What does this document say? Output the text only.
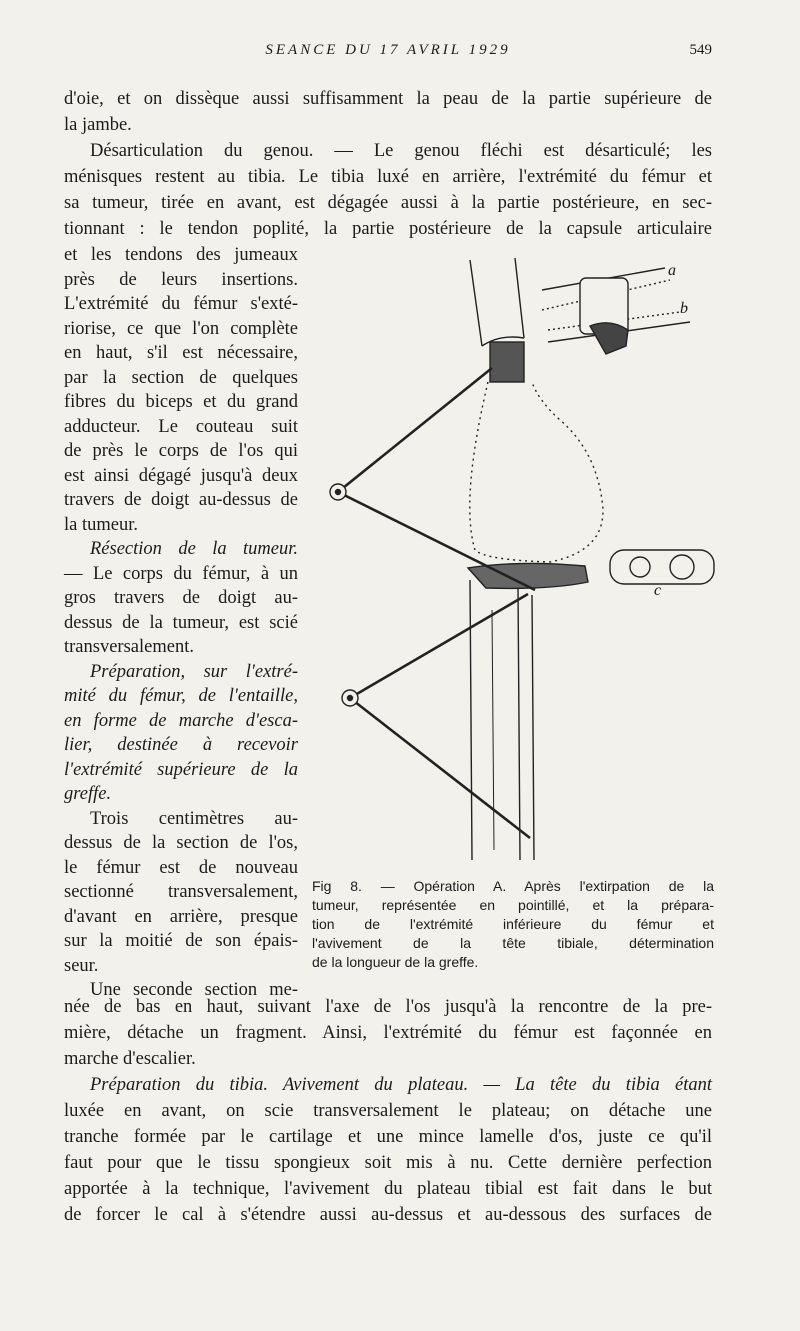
SEANCE DU 17 AVRIL 1929	549
d'oie, et on dissèque aussi suffisamment la peau de la partie supérieure de
la jambe.
Désarticulation du genou. — Le genou fléchi est désarticulé; les
ménisques restent au tibia. Le tibia luxé en arrière, l'extrémité du fémur et
sa tumeur, tirée en avant, est dégagée aussi à la partie postérieure, en sec-
tionnant : le tendon poplité, la partie postérieure de la capsule articulaire
et les tendons des jumeaux
près de leurs insertions.
L'extrémité du fémur s'exté-
riorise, ce que l'on complète
en haut, s'il est nécessaire,
par la section de quelques
fibres du biceps et du grand
adducteur. Le couteau suit
de près le corps de l'os qui
est ainsi dégagé jusqu'à deux
travers de doigt au-dessus de
la tumeur.
Résection de la tumeur.
— Le corps du fémur, à un
gros travers de doigt au-
dessus de la tumeur, est scié
transversalement.
Préparation, sur l'extré-
mité du fémur, de l'entaille,
en forme de marche d'esca-
lier, destinée à recevoir
l'extrémité supérieure de la
greffe.
Trois centimètres au-
dessus de la section de l'os,
le fémur est de nouveau
sectionné transversalement,
d'avant en arrière, presque
sur la moitié de son épais-
seur.
Une seconde section me-
a
b
c
Fig 8. — Opération A. Après l'extirpation de la
tumeur, représentée en pointillé, et la prépara-
tion de l'extrémité inférieure du fémur et
l'avivement de la tête tibiale, détermination
de la longueur de la greffe.
née de bas en haut, suivant l'axe de l'os jusqu'à la rencontre de la pre-
mière, détache un fragment. Ainsi, l'extrémité du fémur est façonnée en
marche d'escalier.
Préparation du tibia. Avivement du plateau. — La tête du tibia étant
luxée en avant, on scie transversalement le plateau; on détache une
tranche formée par le cartilage et une mince lamelle d'os, juste ce qu'il
faut pour que le tissu spongieux soit mis à nu. Cette dernière perfection
apportée à la technique, l'avivement du plateau tibial est fait dans le but
de forcer le cal à s'étendre aussi au-dessus et au-dessous des surfaces de
